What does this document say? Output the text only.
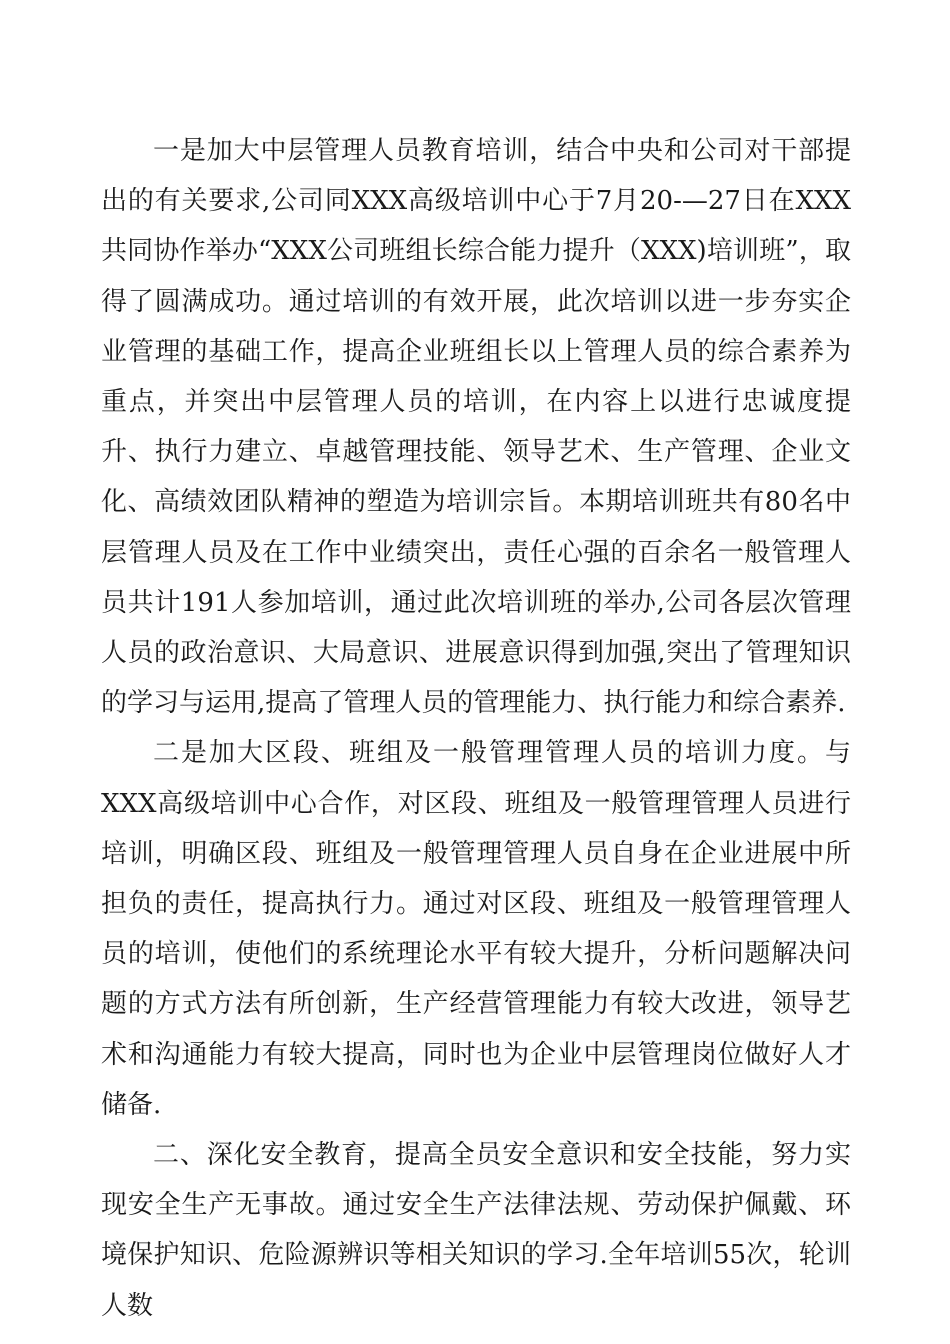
一是加大中层管理人员教育培训，结合中央和公司对干部提出的有关要求,公司同XXX高级培训中心于7月20-—27日在XXX共同协作举办“XXX公司班组长综合能力提升（XXX)培训班”，取得了圆满成功。通过培训的有效开展，此次培训以进一步夯实企业管理的基础工作，提高企业班组长以上管理人员的综合素养为重点，并突出中层管理人员的培训，在内容上以进行忠诚度提升、执行力建立、卓越管理技能、领导艺术、生产管理、企业文化、高绩效团队精神的塑造为培训宗旨。本期培训班共有80名中层管理人员及在工作中业绩突出，责任心强的百余名一般管理人员共计191人参加培训，通过此次培训班的举办,公司各层次管理人员的政治意识、大局意识、进展意识得到加强,突出了管理知识的学习与运用,提高了管理人员的管理能力、执行能力和综合素养.

二是加大区段、班组及一般管理管理人员的培训力度。与XXX高级培训中心合作，对区段、班组及一般管理管理人员进行培训，明确区段、班组及一般管理管理人员自身在企业进展中所担负的责任，提高执行力。通过对区段、班组及一般管理管理人员的培训，使他们的系统理论水平有较大提升，分析问题解决问题的方式方法有所创新，生产经营管理能力有较大改进，领导艺术和沟通能力有较大提高，同时也为企业中层管理岗位做好人才储备.

二、深化安全教育，提高全员安全意识和安全技能，努力实现安全生产无事故。通过安全生产法律法规、劳动保护佩戴、环境保护知识、危险源辨识等相关知识的学习.全年培训55次，轮训人数
